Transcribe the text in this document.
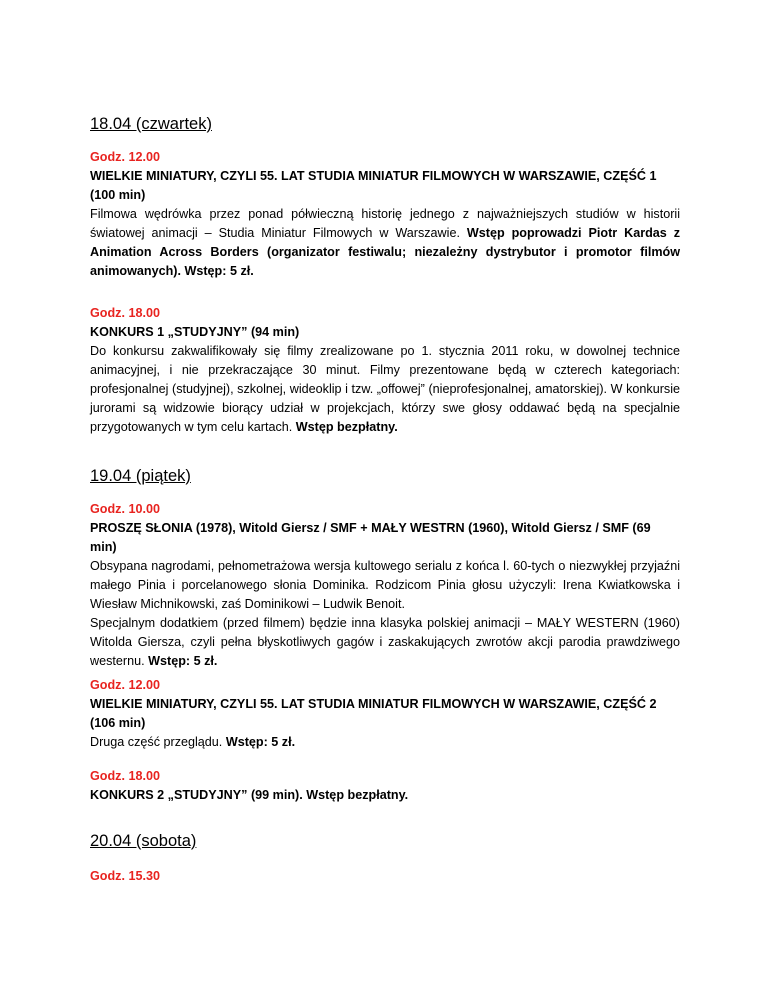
18.04 (czwartek)

Godz. 12.00

WIELKIE MINIATURY, CZYLI 55. LAT STUDIA MINIATUR FILMOWYCH W WARSZAWIE, CZĘŚĆ 1 (100 min)

Filmowa wędrówka przez ponad półwieczną historię jednego z najważniejszych studiów w historii światowej animacji – Studia Miniatur Filmowych w Warszawie. Wstęp poprowadzi Piotr Kardas z Animation Across Borders (organizator festiwalu; niezależny dystrybutor i promotor filmów animowanych). Wstęp: 5 zł.

Godz. 18.00

KONKURS 1 „STUDYJNY” (94 min)

Do konkursu zakwalifikowały się filmy zrealizowane po 1. stycznia 2011 roku, w dowolnej technice animacyjnej, i nie przekraczające 30 minut. Filmy prezentowane będą w czterech kategoriach: profesjonalnej (studyjnej), szkolnej, wideoklip i tzw. „offowej” (nieprofesjonalnej, amatorskiej). W konkursie jurorami są widzowie biorący udział w projekcjach, którzy swe głosy oddawać będą na specjalnie przygotowanych w tym celu kartach. Wstęp bezpłatny.

19.04 (piątek)

Godz. 10.00

PROSZĘ SŁONIA (1978), Witold Giersz / SMF + MAŁY WESTRN (1960), Witold Giersz / SMF (69 min)

Obsypana nagrodami, pełnometrażowa wersja kultowego serialu z końca l. 60-tych o niezwykłej przyjaźni małego Pinia i porcelanowego słonia Dominika. Rodzicom Pinia głosu użyczyli: Irena Kwiatkowska i Wiesław Michnikowski, zaś Dominikowi – Ludwik Benoit.

Specjalnym dodatkiem (przed filmem) będzie inna klasyka polskiej animacji – MAŁY WESTERN (1960) Witolda Giersza, czyli pełna błyskotliwych gagów i zaskakujących zwrotów akcji parodia prawdziwego westernu. Wstęp: 5 zł.

Godz. 12.00

WIELKIE MINIATURY, CZYLI 55. LAT STUDIA MINIATUR FILMOWYCH W WARSZAWIE, CZĘŚĆ 2 (106 min)

Druga część przeglądu. Wstęp: 5 zł.

Godz. 18.00

KONKURS 2 „STUDYJNY” (99 min). Wstęp bezpłatny.

20.04 (sobota)

Godz. 15.30
